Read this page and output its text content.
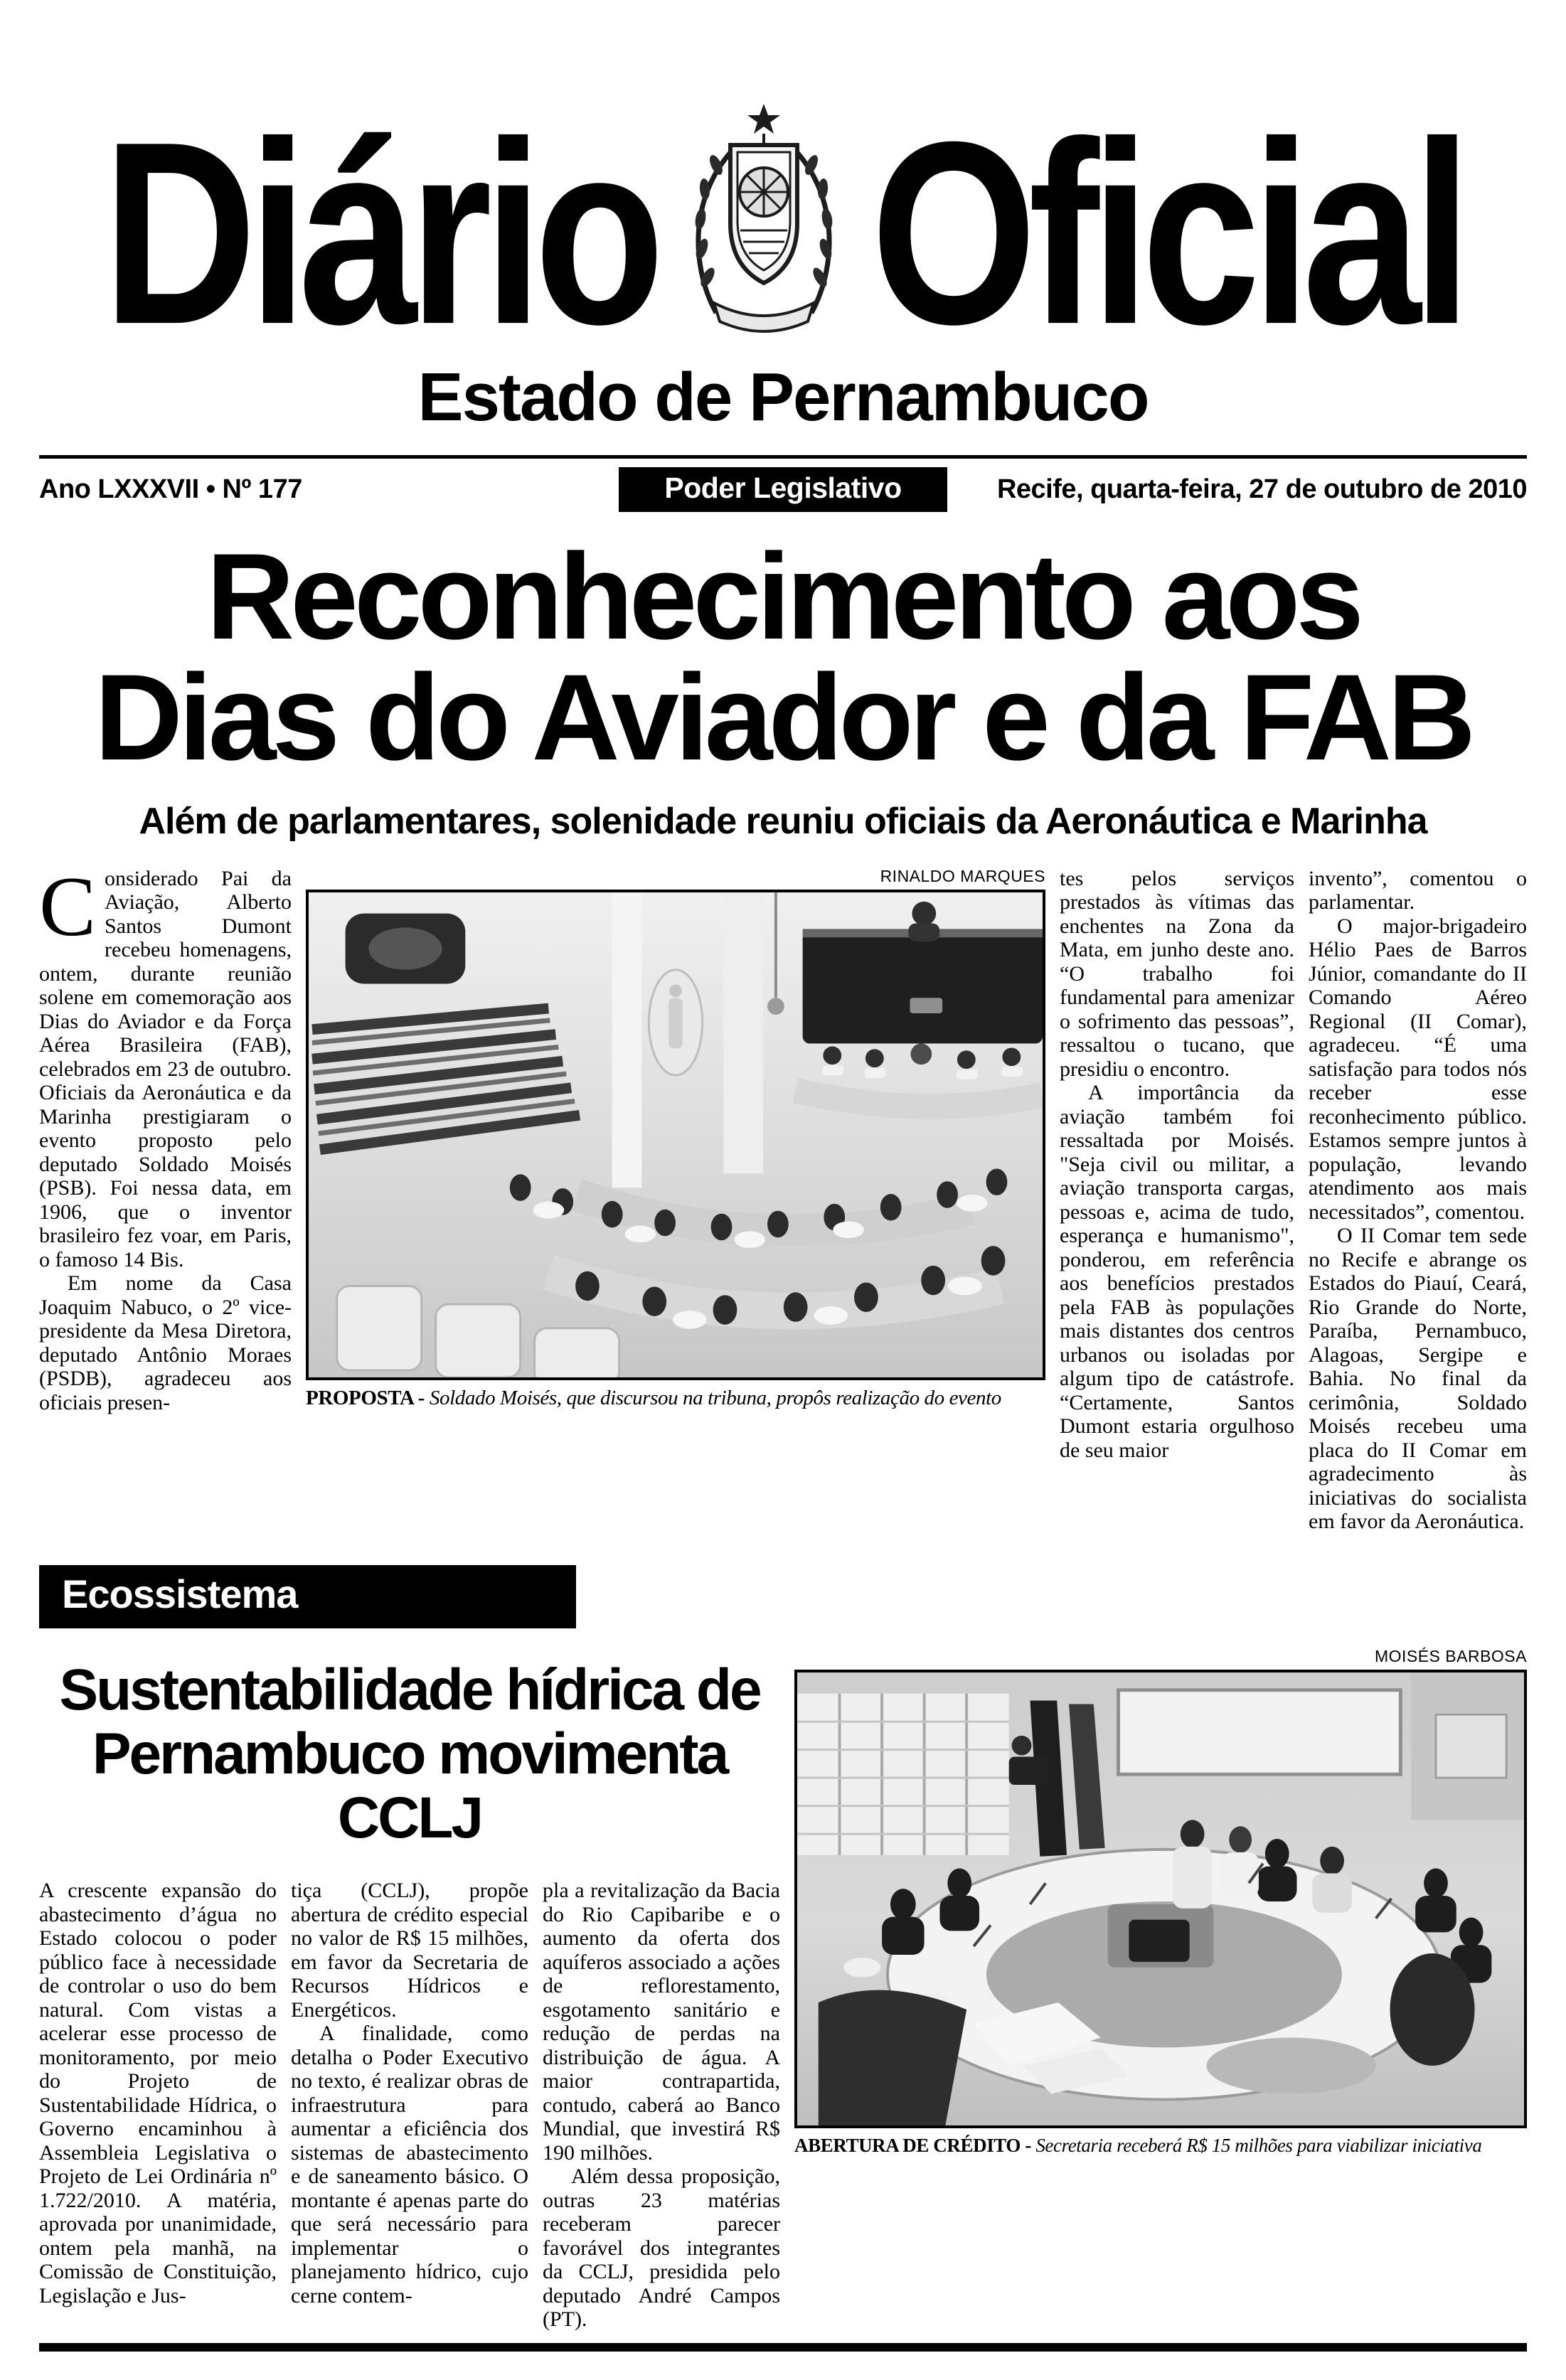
Diário Oficial
Estado de Pernambuco
Ano LXXXVII • Nº 177	Poder Legislativo	Recife, quarta-feira, 27 de outubro de 2010
Reconhecimento aos
Dias do Aviador e da FAB
Além de parlamentares, solenidade reuniu oficiais da Aeronáutica e Marinha

Considerado Pai da Aviação, Alberto Santos Dumont recebeu homenagens, ontem, durante reunião solene em comemoração aos Dias do Aviador e da Força Aérea Brasileira (FAB), celebrados em 23 de outubro. Oficiais da Aeronáutica e da Marinha prestigiaram o evento proposto pelo deputado Soldado Moisés (PSB). Foi nessa data, em 1906, que o inventor brasileiro fez voar, em Paris, o famoso 14 Bis.

Em nome da Casa Joaquim Nabuco, o 2º vice-presidente da Mesa Diretora, deputado Antônio Moraes (PSDB), agradeceu aos oficiais presen-

RINALDO MARQUES
PROPOSTA - Soldado Moisés, que discursou na tribuna, propôs realização do evento

tes pelos serviços prestados às vítimas das enchentes na Zona da Mata, em junho deste ano. “O trabalho foi fundamental para amenizar o sofrimento das pessoas”, ressaltou o tucano, que presidiu o encontro.

A importância da aviação também foi ressaltada por Moisés. "Seja civil ou militar, a aviação transporta cargas, pessoas e, acima de tudo, esperança e humanismo", ponderou, em referência aos benefícios prestados pela FAB às populações mais distantes dos centros urbanos ou isoladas por algum tipo de catástrofe. “Certamente, Santos Dumont estaria orgulhoso de seu maior

invento”, comentou o parlamentar.

O major-brigadeiro Hélio Paes de Barros Júnior, comandante do II Comando Aéreo Regional (II Comar), agradeceu. “É uma satisfação para todos nós receber esse reconhecimento público. Estamos sempre juntos à população, levando atendimento aos mais necessitados”, comentou.

O II Comar tem sede no Recife e abrange os Estados do Piauí, Ceará, Rio Grande do Norte, Paraíba, Pernambuco, Alagoas, Sergipe e Bahia. No final da cerimônia, Soldado Moisés recebeu uma placa do II Comar em agradecimento às iniciativas do socialista em favor da Aeronáutica.

Ecossistema
Sustentabilidade hídrica de
Pernambuco movimenta CCLJ

A crescente expansão do abastecimento d’água no Estado colocou o poder público face à necessidade de controlar o uso do bem natural. Com vistas a acelerar esse processo de monitoramento, por meio do Projeto de Sustentabilidade Hídrica, o Governo encaminhou à Assembleia Legislativa o Projeto de Lei Ordinária nº 1.722/2010. A matéria, aprovada por unanimidade, ontem pela manhã, na Comissão de Constituição, Legislação e Jus-

tiça (CCLJ), propõe abertura de crédito especial no valor de R$ 15 milhões, em favor da Secretaria de Recursos Hídricos e Energéticos.

A finalidade, como detalha o Poder Executivo no texto, é realizar obras de infraestrutura para aumentar a eficiência dos sistemas de abastecimento e de saneamento básico. O montante é apenas parte do que será necessário para implementar o planejamento hídrico, cujo cerne contem-

pla a revitalização da Bacia do Rio Capibaribe e o aumento da oferta dos aquíferos associado a ações de reflorestamento, esgotamento sanitário e redução de perdas na distribuição de água. A maior contrapartida, contudo, caberá ao Banco Mundial, que investirá R$ 190 milhões.

Além dessa proposição, outras 23 matérias receberam parecer favorável dos integrantes da CCLJ, presidida pelo deputado André Campos (PT).

MOISÉS BARBOSA
ABERTURA DE CRÉDITO - Secretaria receberá R$ 15 milhões para viabilizar iniciativa
